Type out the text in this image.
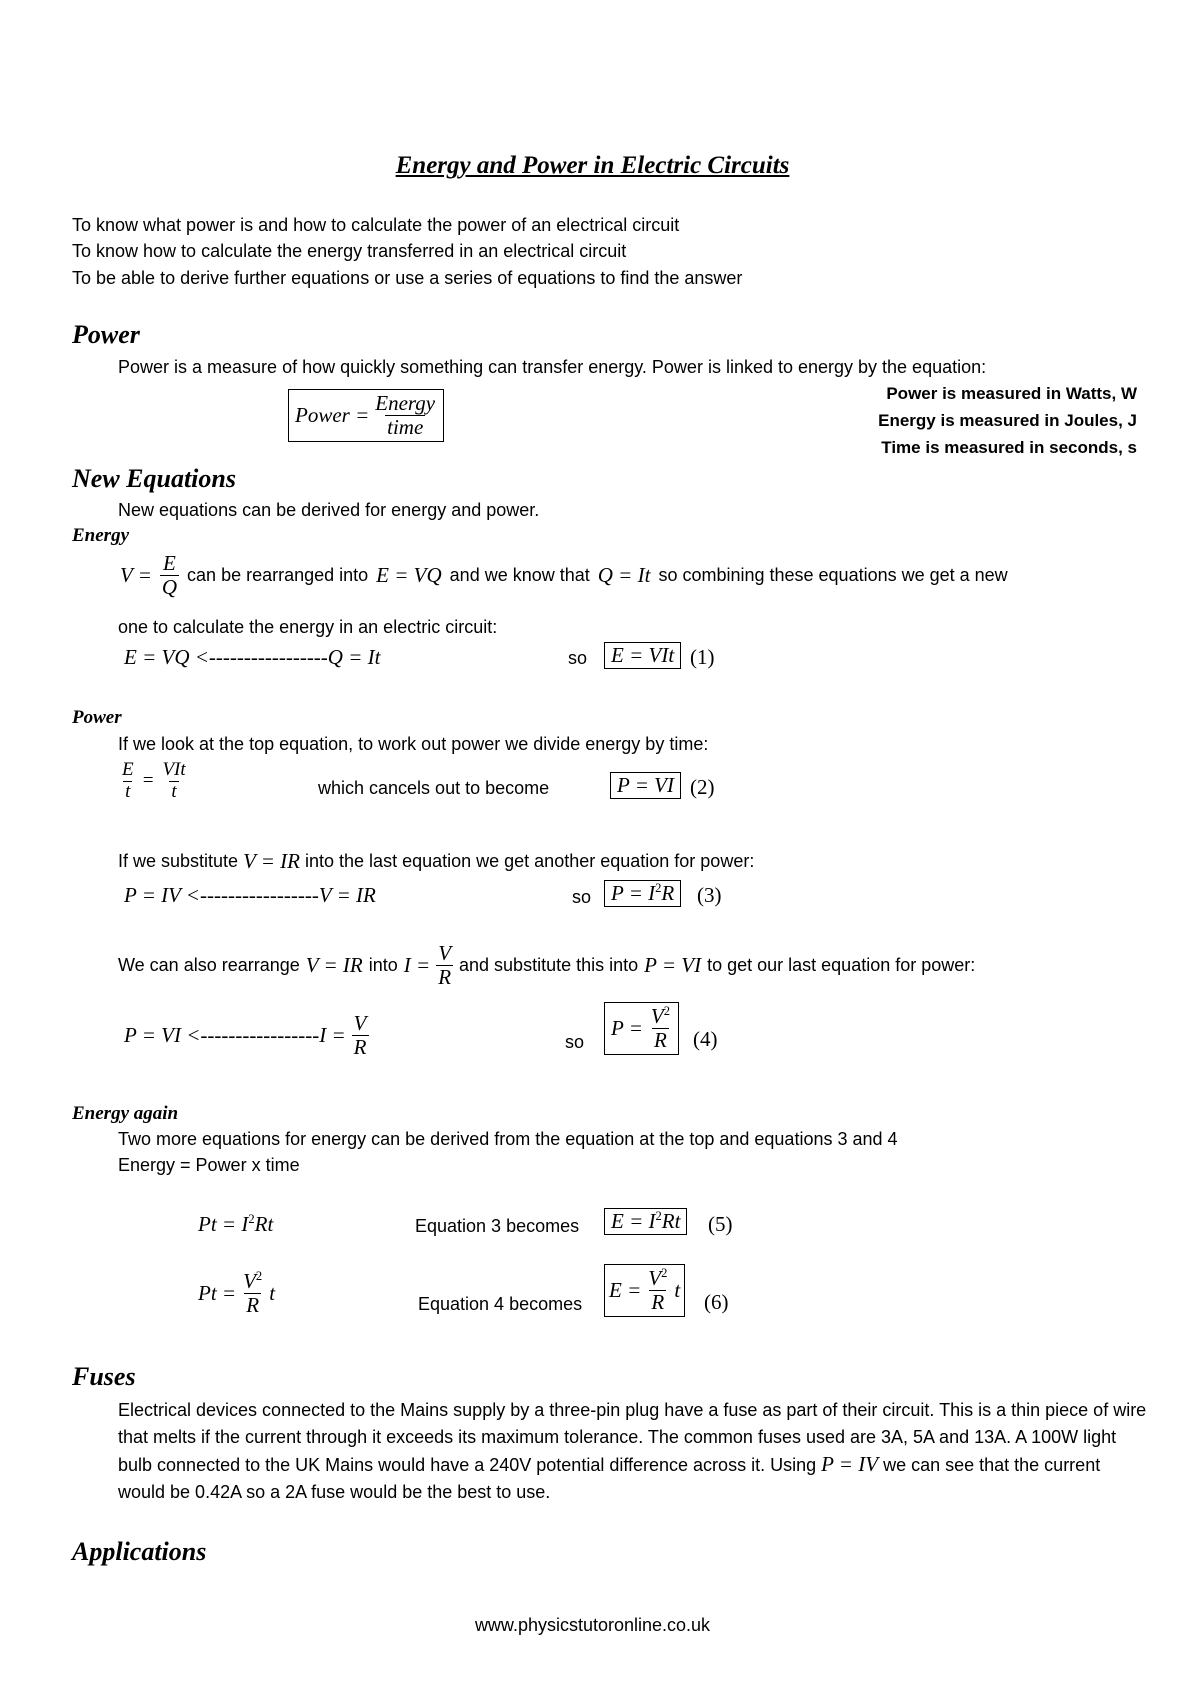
Energy and Power in Electric Circuits
To know what power is and how to calculate the power of an electrical circuit
To know how to calculate the energy transferred in an electrical circuit
To be able to derive further equations or use a series of equations to find the answer
Power
Power is a measure of how quickly something can transfer energy. Power is linked to energy by the equation:
Power = $\frac{\text{Energy}}{\text{time}}$	Power is measured in Watts, W
Energy is measured in Joules, J
Time is measured in seconds, s
New Equations
New equations can be derived for energy and power.
Energy
$V = \frac{E}{Q}$ can be rearranged into E = VQ and we know that Q = It so combining these equations we get a new
one to calculate the energy in an electric circuit:
E = VQ <-----------------Q = It	so	E = VIt (1)
Power
If we look at the top equation, to work out power we divide energy by time:
$\frac{E}{t} = \frac{\text{VIt}}{t}$	which cancels out to become	P = VI (2)
If we substitute V = IR into the last equation we get another equation for power:
P = IV <-----------------V = IR	so $P = I^2R$	(3)
We can also rearrange V = IR into $I = \frac{V}{R}$ and substitute this into P = VI to get our last equation for power:
P = VI $<-----------------I = \frac{V}{R}$	so
$P = \frac{V^2}{R} (4)$
Energy again
Two more equations for energy can be derived from the equation at the top and equations 3 and 4
Energy = Power x time
$Pt = I^2Rt$	Equation 3 becomes	$E = I^2Rt$	(5)
$Pt = \frac{V^2}{R}$ t	Equation 4 becomes
$E = \frac{V^2}{R}$ t (6)
Fuses
Electrical devices connected to the Mains supply by a three-pin plug have a fuse as part of their circuit. This is a thin piece of wire that melts if the current through it exceeds its maximum tolerance. The common fuses used are 3A, 5A and 13A. A 100W light bulb connected to the UK Mains would have a 240V potential difference across it. Using P = IV we can see that the current would be 0.42A so a 2A fuse would be the best to use.
Applications
www.physicstutoronline.co.uk
